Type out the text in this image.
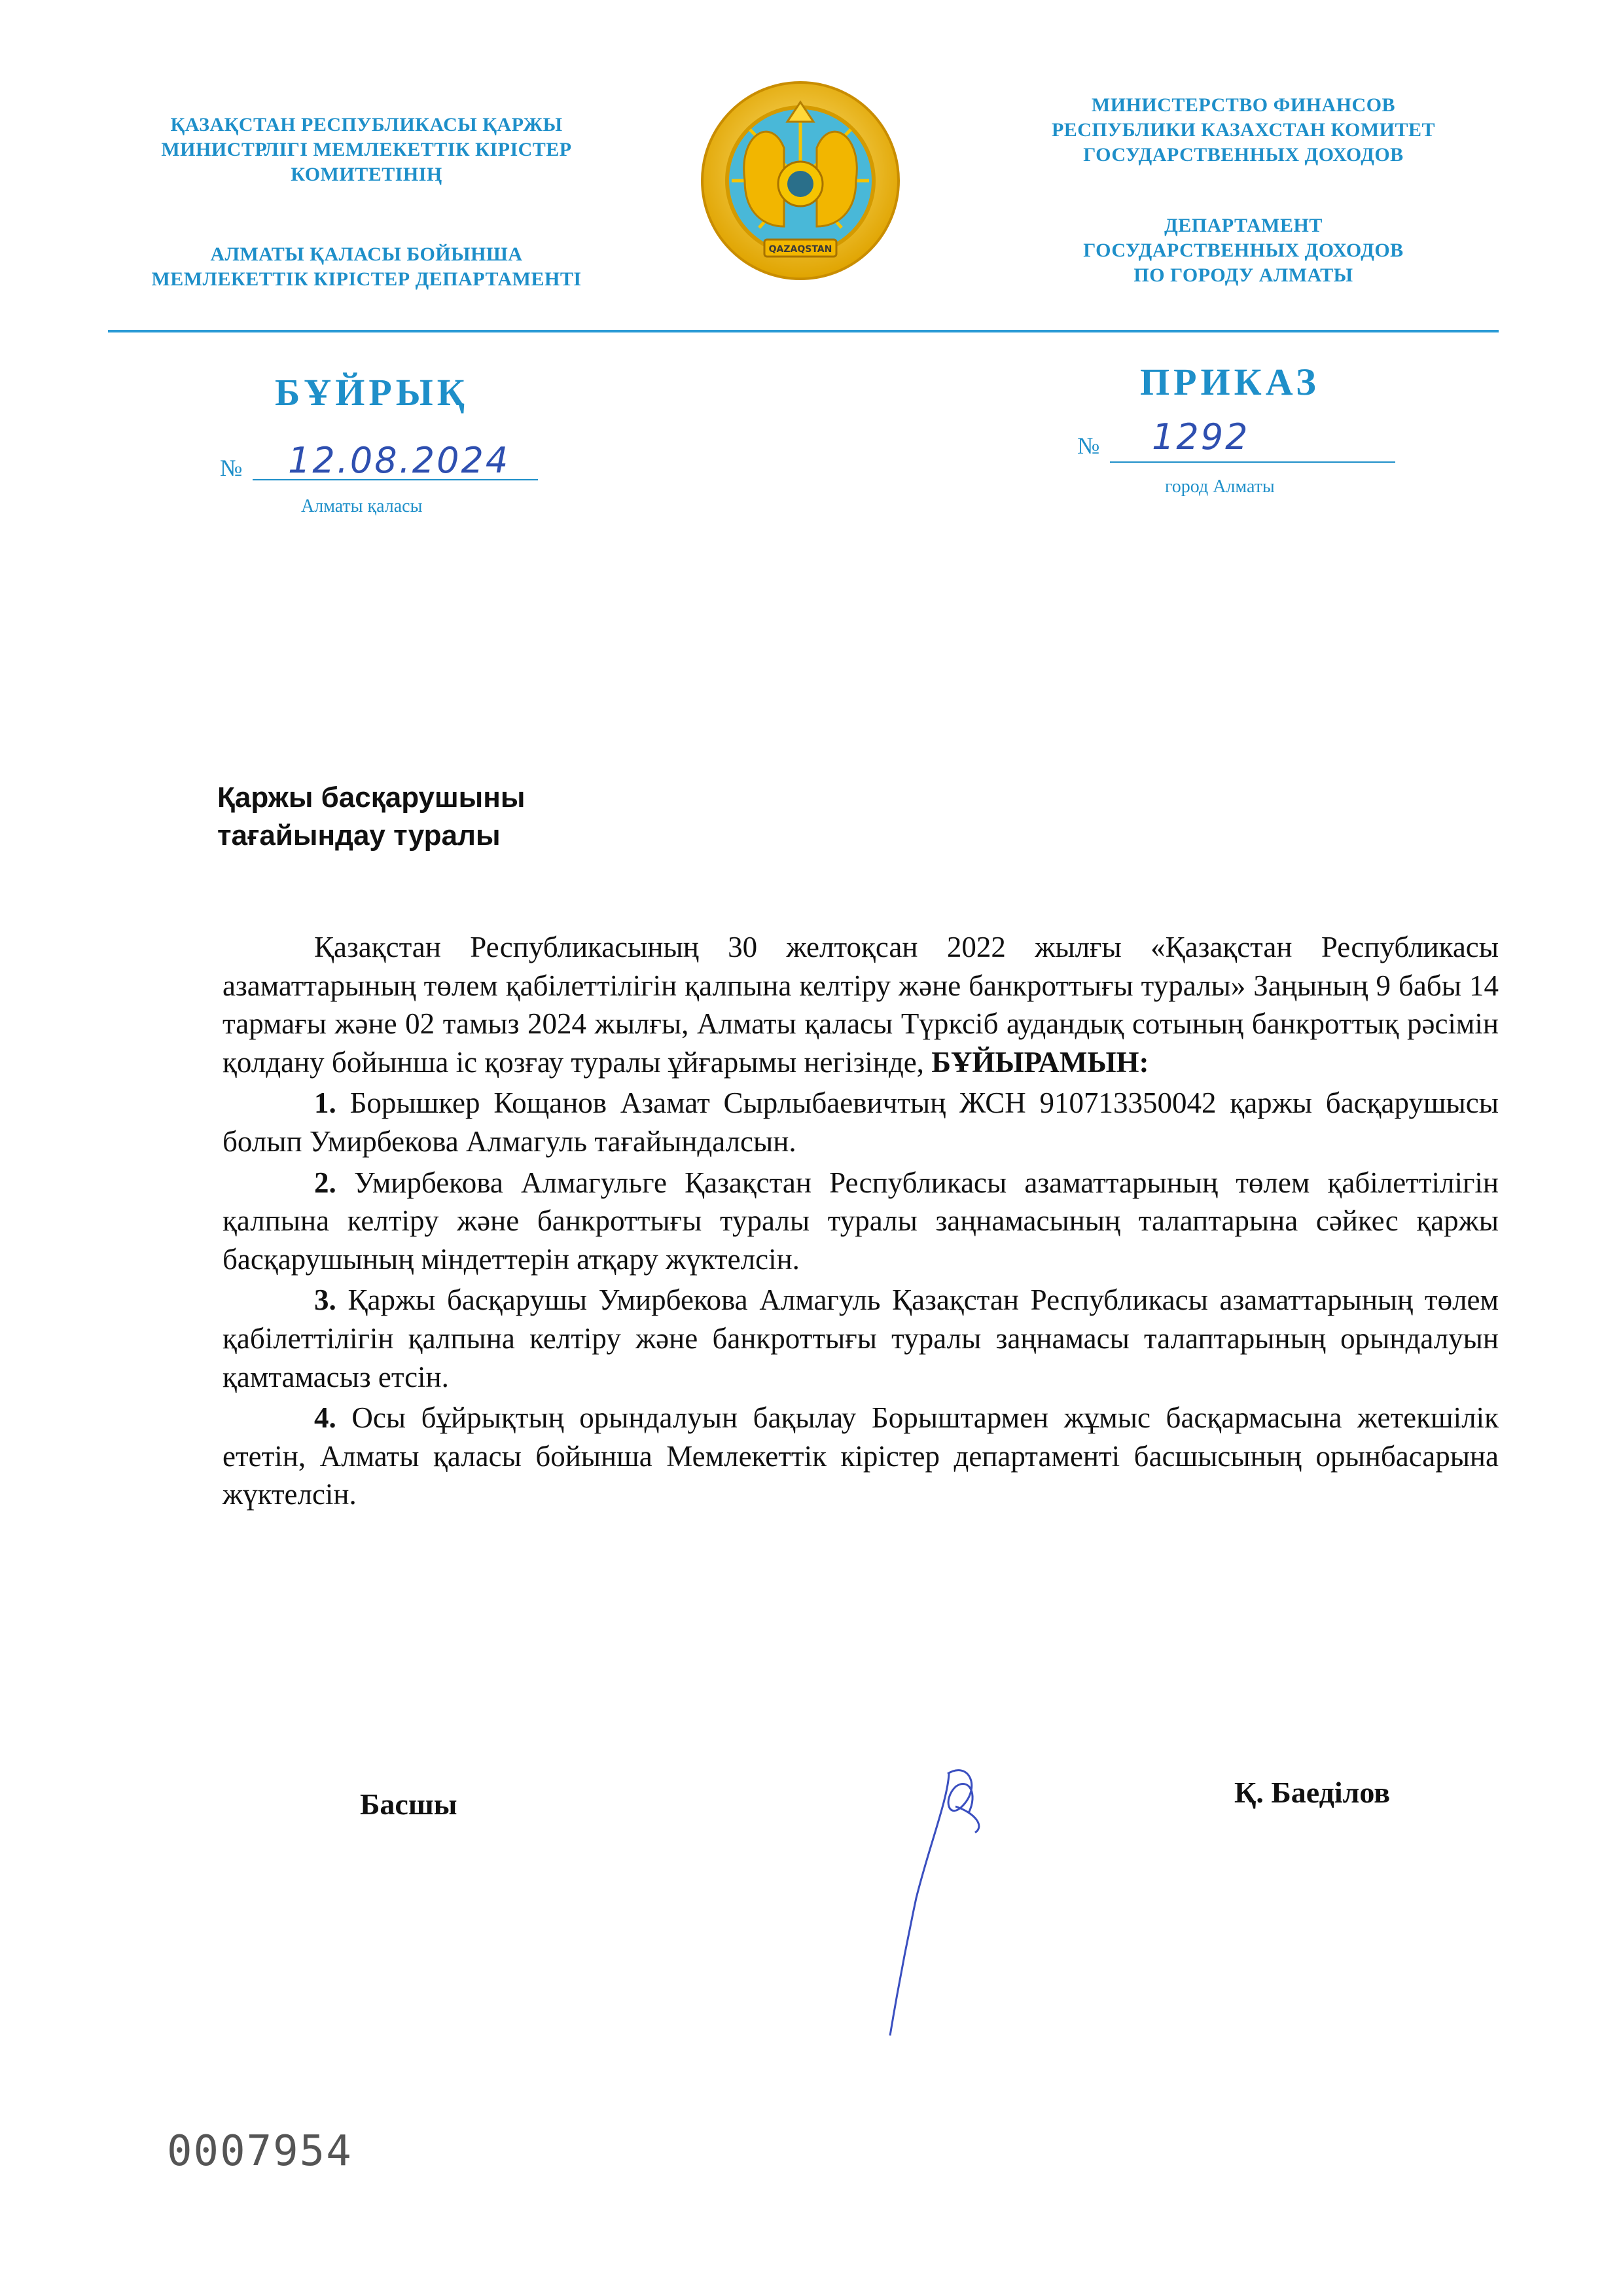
ҚАЗАҚСТАН РЕСПУБЛИКАСЫ ҚАРЖЫ
МИНИСТРЛІГІ МЕМЛЕКЕТТІК КІРІСТЕР
КОМИТЕТІНІҢ
АЛМАТЫ ҚАЛАСЫ БОЙЫНША
МЕМЛЕКЕТТІК КІРІСТЕР ДЕПАРТАМЕНТІ
QAZAQSTAN
МИНИСТЕРСТВО ФИНАНСОВ
РЕСПУБЛИКИ КАЗАХСТАН КОМИТЕТ
ГОСУДАРСТВЕННЫХ ДОХОДОВ
ДЕПАРТАМЕНТ
ГОСУДАРСТВЕННЫХ ДОХОДОВ
ПО ГОРОДУ АЛМАТЫ
БҰЙРЫҚ	ПРИКАЗ
№ 12.08.2024
Алматы қаласы
№ 1292
город Алматы
Қаржы басқарушыны
тағайындау туралы

Қазақстан Республикасының 30 желтоқсан 2022 жылғы «Қазақстан Республикасы азаматтарының төлем қабілеттілігін қалпына келтіру және банкроттығы туралы» Заңының 9 бабы 14 тармағы және 02 тамыз 2024 жылғы, Алматы қаласы Түрксіб аудандық сотының банкроттық рәсімін қолдану бойынша іс қозғау туралы ұйғарымы негізінде, БҰЙЫРАМЫН:

1. Борышкер Кощанов Азамат Сырлыбаевичтың ЖСН 910713350042 қаржы басқарушысы болып Умирбекова Алмагуль тағайындалсын.

2. Умирбекова Алмагульге Қазақстан Республикасы азаматтарының төлем қабілеттілігін қалпына келтіру және банкроттығы туралы туралы заңнамасының талаптарына сәйкес қаржы басқарушының міндеттерін атқару жүктелсін.

3. Қаржы басқарушы Умирбекова Алмагуль Қазақстан Республикасы азаматтарының төлем қабілеттілігін қалпына келтіру және банкроттығы туралы заңнамасы талаптарының орындалуын қамтамасыз етсін.

4. Осы бұйрықтың орындалуын бақылау Борыштармен жұмыс басқармасына жетекшілік ететін, Алматы қаласы бойынша Мемлекеттік кірістер департаменті басшысының орынбасарына жүктелсін.

Басшы	Қ. Баеділов
0007954
